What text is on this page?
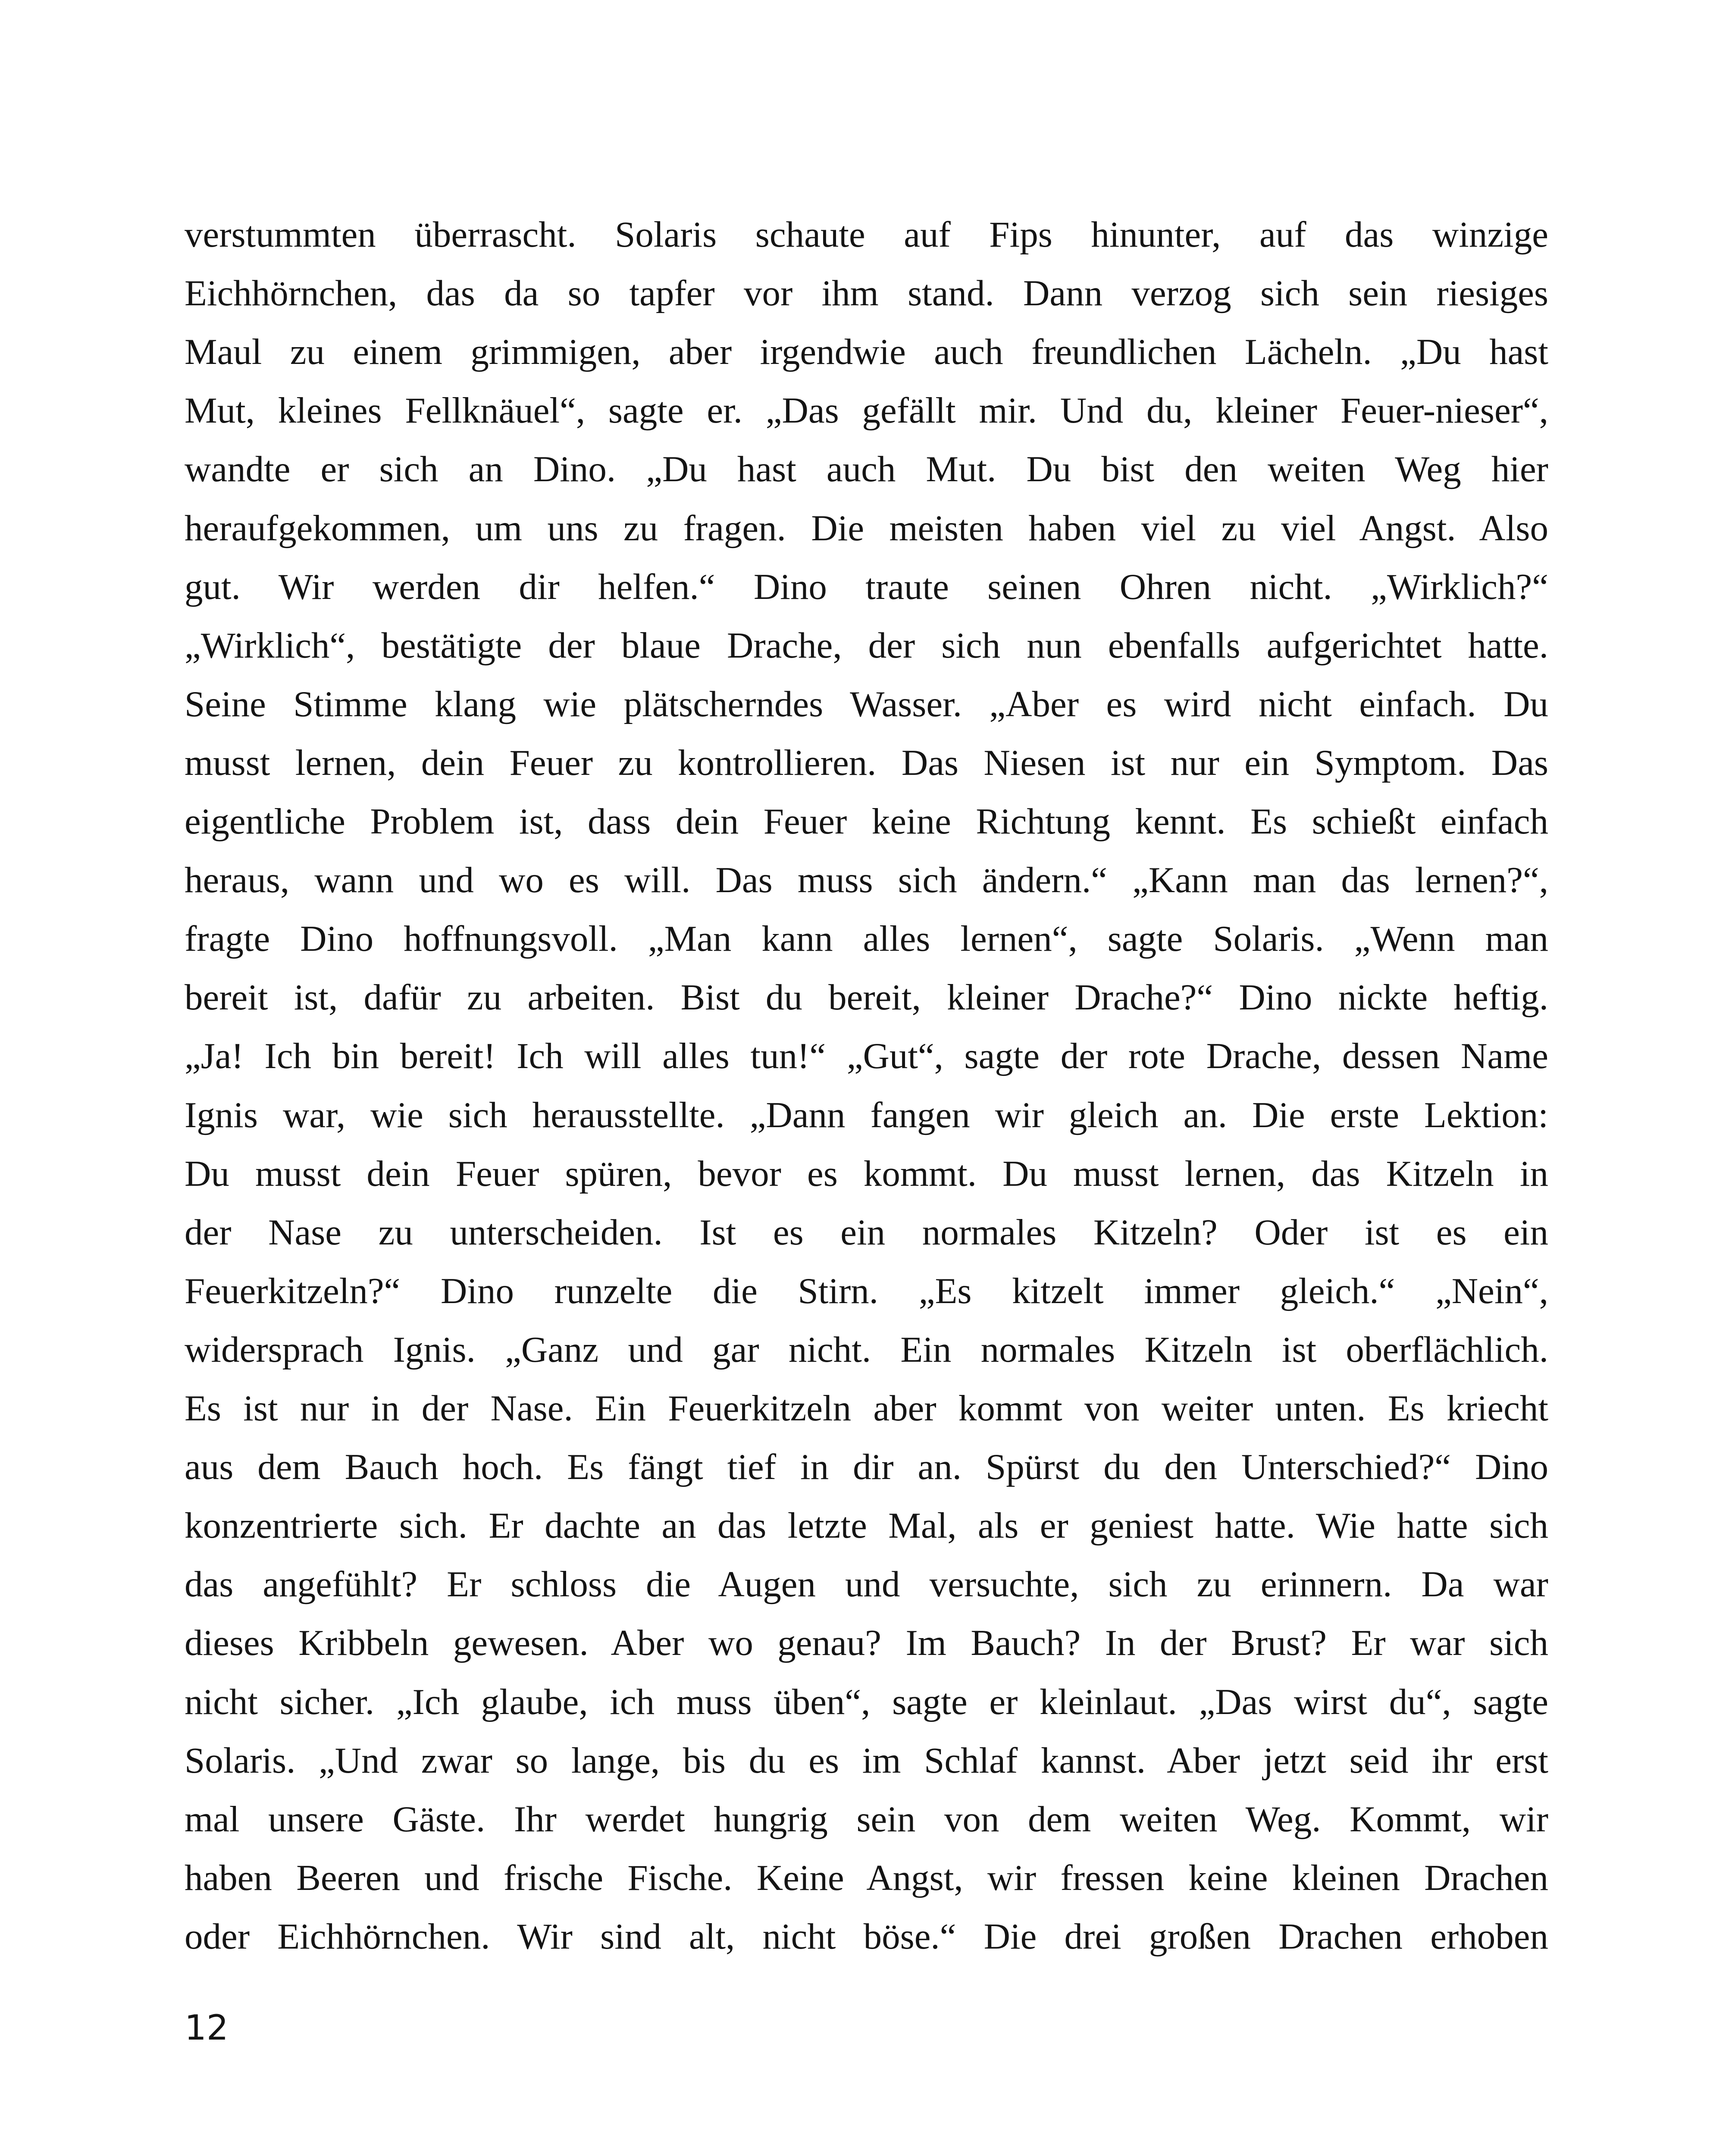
verstummten überrascht. Solaris schaute auf Fips hinunter, auf das winzige
Eichhörnchen, das da so tapfer vor ihm stand. Dann verzog sich sein riesiges
Maul zu einem grimmigen, aber irgendwie auch freundlichen Lächeln. „Du hast
Mut, kleines Fellknäuel“, sagte er. „Das gefällt mir. Und du, kleiner Feuer-nieser“,
wandte er sich an Dino. „Du hast auch Mut. Du bist den weiten Weg hier
heraufgekommen, um uns zu fragen. Die meisten haben viel zu viel Angst. Also
gut. Wir werden dir helfen.“ Dino traute seinen Ohren nicht. „Wirklich?“
„Wirklich“, bestätigte der blaue Drache, der sich nun ebenfalls aufgerichtet hatte.
Seine Stimme klang wie plätscherndes Wasser. „Aber es wird nicht einfach. Du
musst lernen, dein Feuer zu kontrollieren. Das Niesen ist nur ein Symptom. Das
eigentliche Problem ist, dass dein Feuer keine Richtung kennt. Es schießt einfach
heraus, wann und wo es will. Das muss sich ändern.“ „Kann man das lernen?“,
fragte Dino hoffnungsvoll. „Man kann alles lernen“, sagte Solaris. „Wenn man
bereit ist, dafür zu arbeiten. Bist du bereit, kleiner Drache?“ Dino nickte heftig.
„Ja! Ich bin bereit! Ich will alles tun!“ „Gut“, sagte der rote Drache, dessen Name
Ignis war, wie sich herausstellte. „Dann fangen wir gleich an. Die erste Lektion:
Du musst dein Feuer spüren, bevor es kommt. Du musst lernen, das Kitzeln in
der Nase zu unterscheiden. Ist es ein normales Kitzeln? Oder ist es ein
Feuerkitzeln?“ Dino runzelte die Stirn. „Es kitzelt immer gleich.“ „Nein“,
widersprach Ignis. „Ganz und gar nicht. Ein normales Kitzeln ist oberflächlich.
Es ist nur in der Nase. Ein Feuerkitzeln aber kommt von weiter unten. Es kriecht
aus dem Bauch hoch. Es fängt tief in dir an. Spürst du den Unterschied?“ Dino
konzentrierte sich. Er dachte an das letzte Mal, als er geniest hatte. Wie hatte sich
das angefühlt? Er schloss die Augen und versuchte, sich zu erinnern. Da war
dieses Kribbeln gewesen. Aber wo genau? Im Bauch? In der Brust? Er war sich
nicht sicher. „Ich glaube, ich muss üben“, sagte er kleinlaut. „Das wirst du“, sagte
Solaris. „Und zwar so lange, bis du es im Schlaf kannst. Aber jetzt seid ihr erst
mal unsere Gäste. Ihr werdet hungrig sein von dem weiten Weg. Kommt, wir
haben Beeren und frische Fische. Keine Angst, wir fressen keine kleinen Drachen
oder Eichhörnchen. Wir sind alt, nicht böse.“ Die drei großen Drachen erhoben
12
